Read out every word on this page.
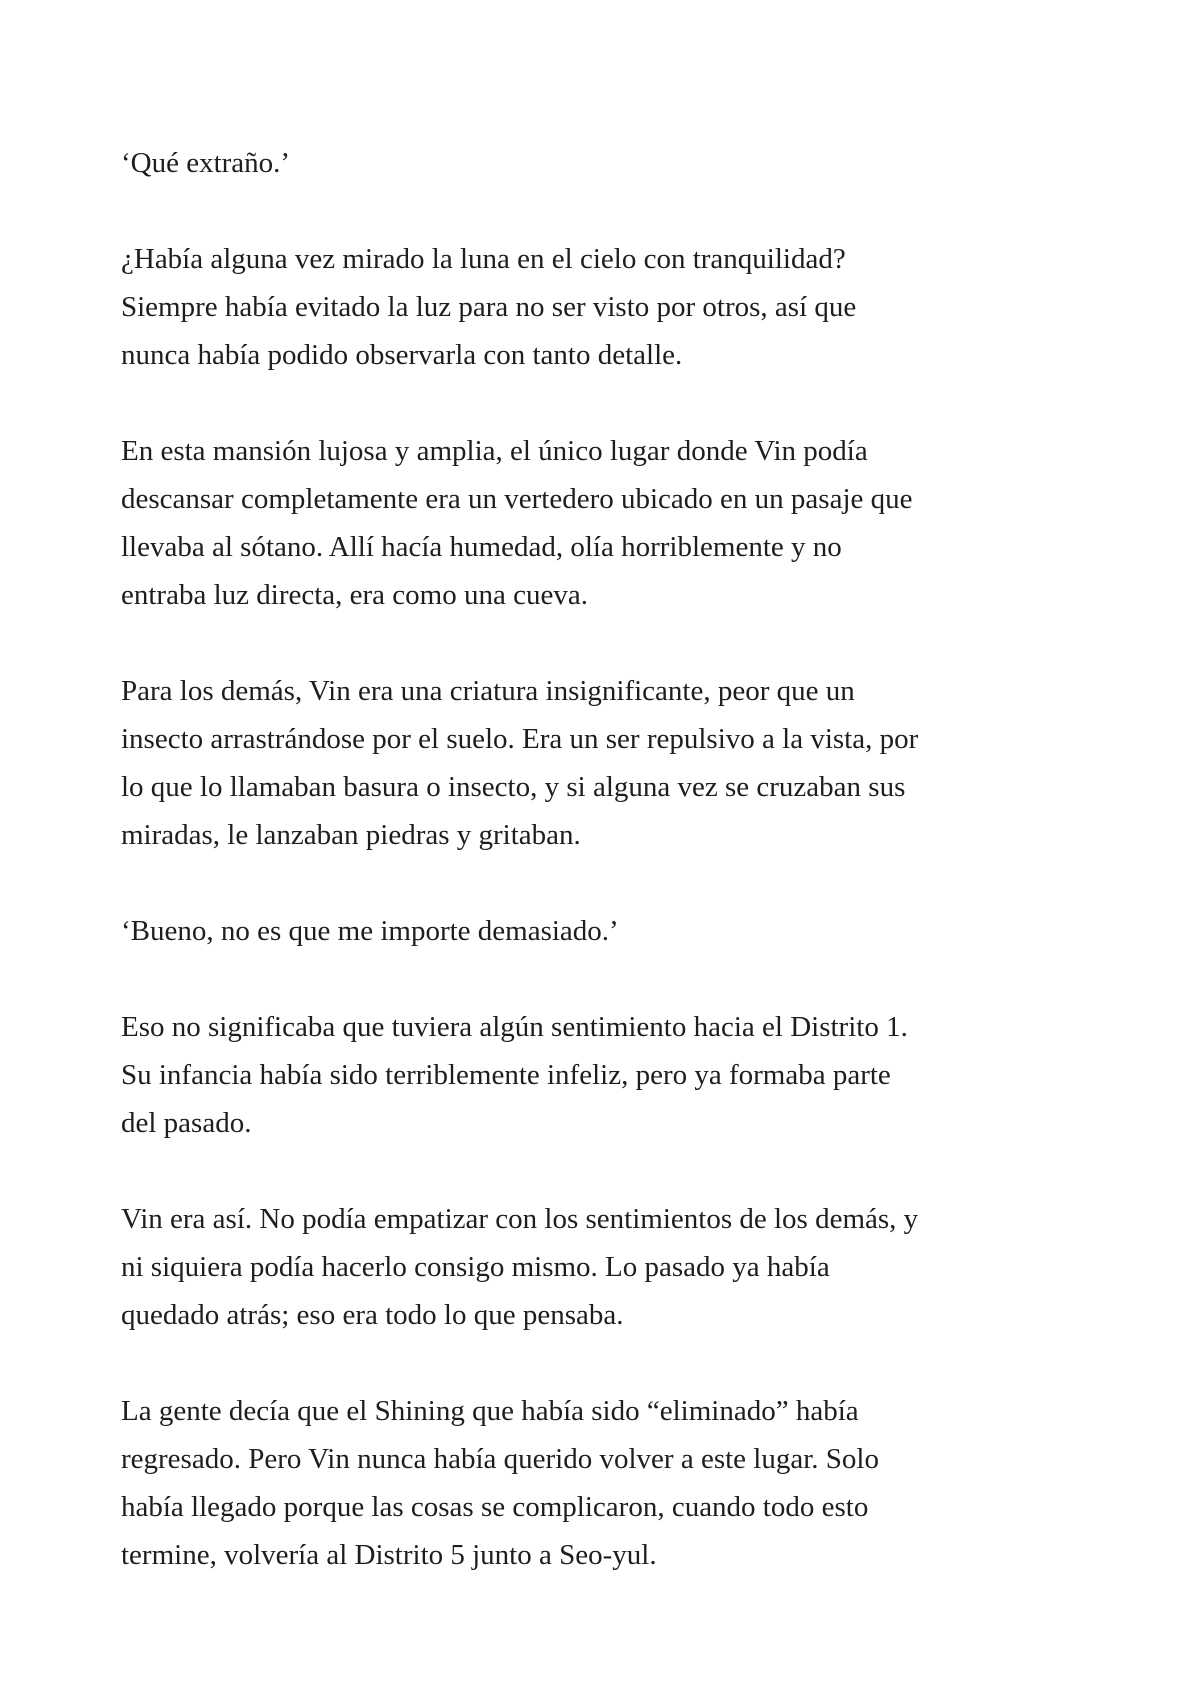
‘Qué extraño.’
¿Había alguna vez mirado la luna en el cielo con tranquilidad?
Siempre había evitado la luz para no ser visto por otros, así que
nunca había podido observarla con tanto detalle.
En esta mansión lujosa y amplia, el único lugar donde Vin podía
descansar completamente era un vertedero ubicado en un pasaje que
llevaba al sótano. Allí hacía humedad, olía horriblemente y no
entraba luz directa, era como una cueva.
Para los demás, Vin era una criatura insignificante, peor que un
insecto arrastrándose por el suelo. Era un ser repulsivo a la vista, por
lo que lo llamaban basura o insecto, y si alguna vez se cruzaban sus
miradas, le lanzaban piedras y gritaban.
‘Bueno, no es que me importe demasiado.’
Eso no significaba que tuviera algún sentimiento hacia el Distrito 1.
Su infancia había sido terriblemente infeliz, pero ya formaba parte
del pasado.
Vin era así. No podía empatizar con los sentimientos de los demás, y
ni siquiera podía hacerlo consigo mismo. Lo pasado ya había
quedado atrás; eso era todo lo que pensaba.
La gente decía que el Shining que había sido “eliminado” había
regresado. Pero Vin nunca había querido volver a este lugar. Solo
había llegado porque las cosas se complicaron, cuando todo esto
termine, volvería al Distrito 5 junto a Seo-yul.
